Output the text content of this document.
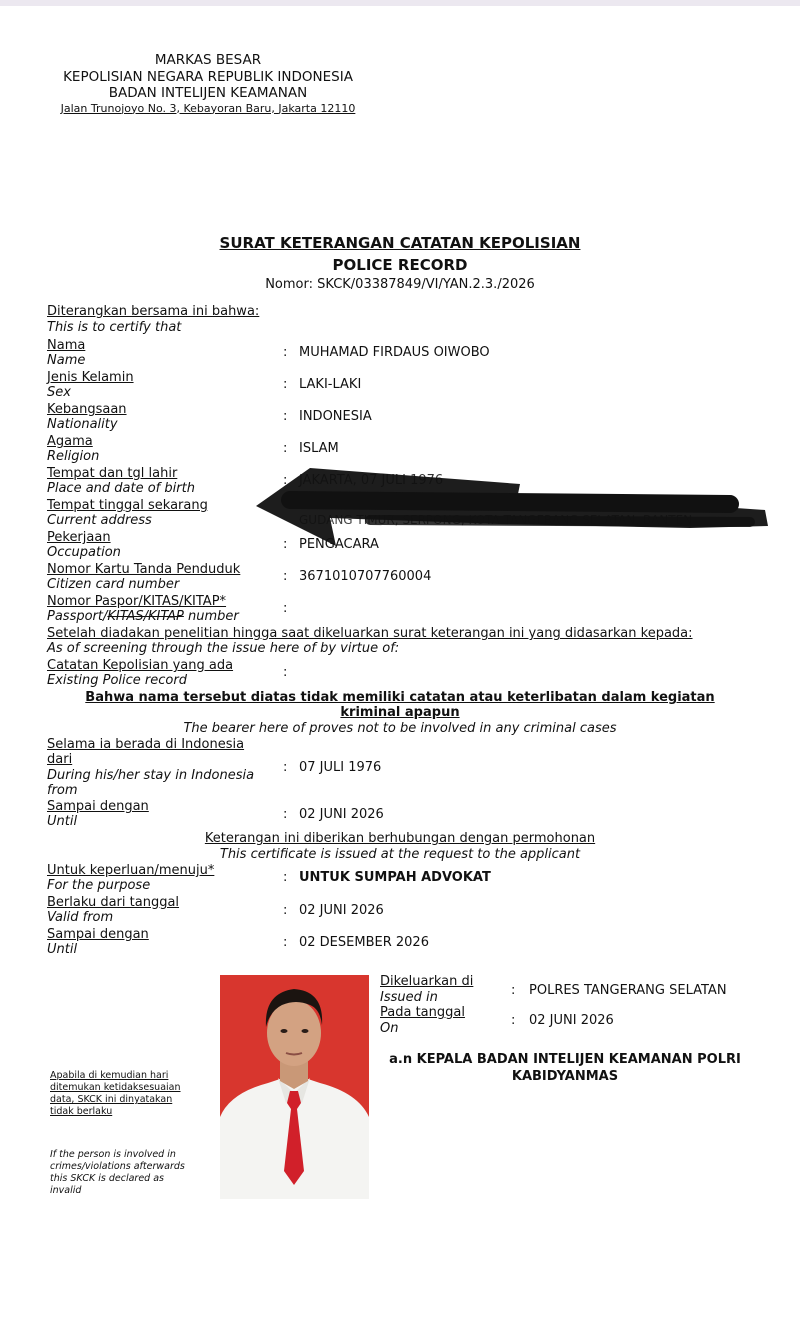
MARKAS BESAR
KEPOLISIAN NEGARA REPUBLIK INDONESIA
BADAN INTELIJEN KEAMANAN
Jalan Trunojoyo No. 3, Kebayoran Baru, Jakarta 12110
SURAT KETERANGAN CATATAN KEPOLISIAN
POLICE RECORD
Nomor: SKCK/03387849/VI/YAN.2.3./2026
Diterangkan bersama ini bahwa:
This is to certify that
Nama
Name
: MUHAMAD FIRDAUS OIWOBO
Jenis Kelamin
Sex
: LAKI-LAKI
Kebangsaan
Nationality
: INDONESIA
Agama
Religion
: ISLAM
Tempat dan tgl lahir
Place and date of birth
:
Tempat tinggal sekarang
Current address
Pekerjaan
Occupation
: PENGACARA
Nomor Kartu Tanda Penduduk
Citizen card number
: 3671010707760004
Nomor Paspor/KITAS/KITAP*
Passport/KITAS/KITAP number
:
Setelah diadakan penelitian hingga saat dikeluarkan surat keterangan ini yang didasarkan kepada:
As of screening through the issue here of by virtue of:
Catatan Kepolisian yang ada
Existing Police record
:
Bahwa nama tersebut diatas tidak memiliki catatan atau keterlibatan dalam kegiatan
kriminal apapun
The bearer here of proves not to be involved in any criminal cases
Selama ia berada di Indonesia
dari
During his/her stay in Indonesia
from
: 07 JULI 1976
Sampai dengan
Until	: 02 JUNI 2026
Keterangan ini diberikan berhubungan dengan permohonan
This certificate is issued at the request to the applicant
Untuk keperluan/menuju*
For the purpose
: UNTUK SUMPAH ADVOKAT
Berlaku dari tanggal
Valid from	: 02 JUNI 2026
Sampai dengan
Until	: 02 DESEMBER 2026
Apabila di kemudian hari ditemukan ketidaksesuaian data, SKCK ini dinyatakan tidak berlaku
If the person is involved in crimes/violations afterwards this SKCK is declared as invalid
Dikeluarkan di
Issued in	: POLRES TANGERANG SELATAN
Pada tanggal
On
: 02 JUNI 2026
a.n KEPALA BADAN INTELIJEN KEAMANAN POLRI
KABIDYANMAS
